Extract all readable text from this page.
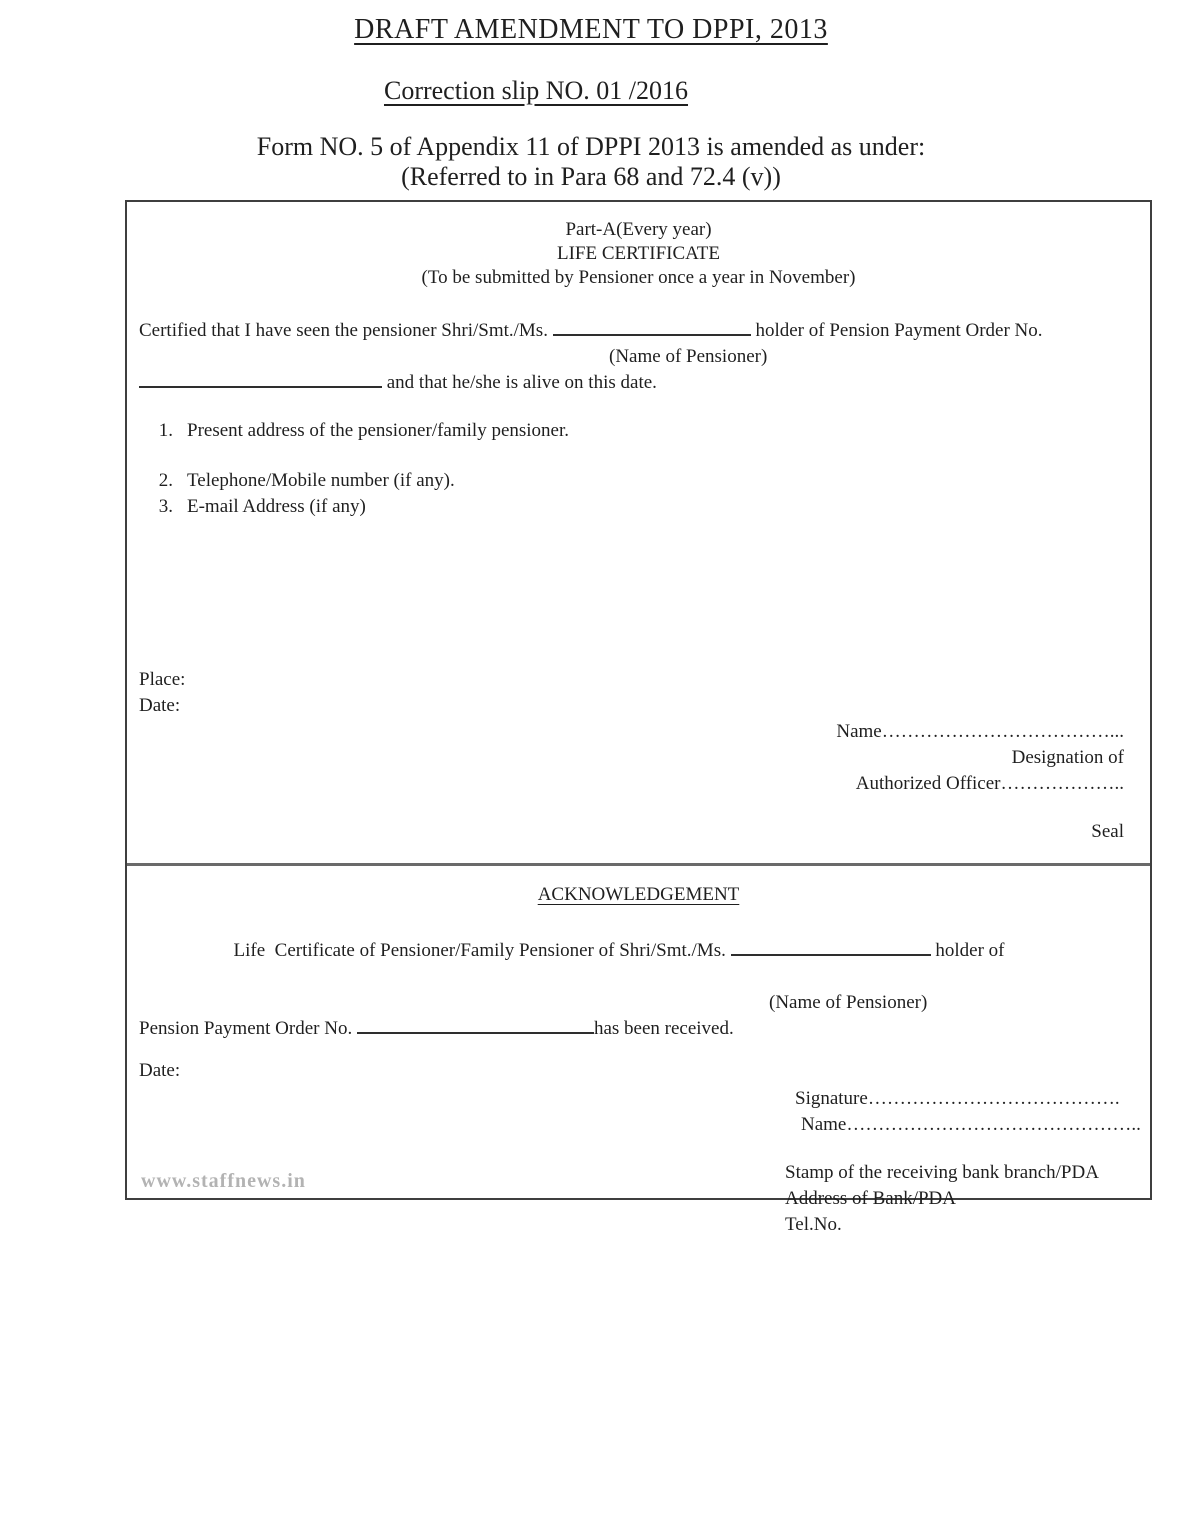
DRAFT AMENDMENT TO DPPI, 2013
Correction slip NO. 01 /2016
Form NO. 5 of Appendix 11 of DPPI 2013 is amended as under:
(Referred to in Para 68 and 72.4 (v))
Part-A(Every year)
LIFE CERTIFICATE
(To be submitted by Pensioner once a year in November)
Certified that I have seen the pensioner Shri/Smt./Ms.	holder of Pension Payment Order No.
(Name of Pensioner)
and that he/she is alive on this date.
1. Present address of the pensioner/family pensioner.
2. Telephone/Mobile number (if any).
3. E-mail Address (if any)
Place:
Date:
Name………………………………...
Designation of
Authorized Officer………………..
Seal
ACKNOWLEDGEMENT

Life  Certificate of Pensioner/Family Pensioner of Shri/Smt./Ms.	holder of

(Name of Pensioner)
Pension Payment Order No.	has been received.
Date:
Signature………………………………….
Name………………………………………..
Stamp of the receiving bank branch/PDA
Address of Bank/PDA
Tel.No.
www.staffnews.in
